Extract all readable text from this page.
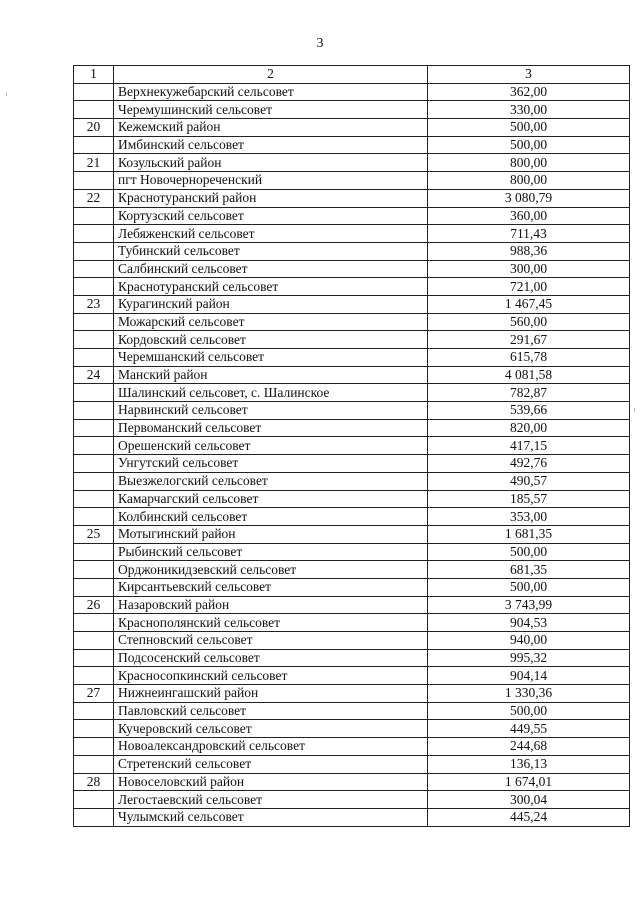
3
1	2	3
	Верхнекужебарский сельсовет	362,00
	Черемушинский сельсовет	330,00
20	Кежемский район	500,00
	Имбинский сельсовет	500,00
21	Козульский район	800,00
	пгт Новочернореченский	800,00
22	Краснотуранский район	3 080,79
	Кортузский сельсовет	360,00
	Лебяженский сельсовет	711,43
	Тубинский сельсовет	988,36
	Салбинский сельсовет	300,00
	Краснотуранский сельсовет	721,00
23	Курагинский район	1 467,45
	Можарский сельсовет	560,00
	Кордовский сельсовет	291,67
	Черемшанский сельсовет	615,78
24	Манский район	4 081,58
	Шалинский сельсовет, с. Шалинское	782,87
	Нарвинский сельсовет	539,66
	Первоманский сельсовет	820,00
	Орешенский сельсовет	417,15
	Унгутский сельсовет	492,76
	Выезжелогский сельсовет	490,57
	Камарчагский сельсовет	185,57
	Колбинский сельсовет	353,00
25	Мотыгинский район	1 681,35
	Рыбинский сельсовет	500,00
	Орджоникидзевский сельсовет	681,35
	Кирсантьевский сельсовет	500,00
26	Назаровский район	3 743,99
	Краснополянский сельсовет	904,53
	Степновский сельсовет	940,00
	Подсосенский сельсовет	995,32
	Красносопкинский сельсовет	904,14
27	Нижнеингашский район	1 330,36
	Павловский сельсовет	500,00
	Кучеровский сельсовет	449,55
	Новоалександровский сельсовет	244,68
	Стретенский сельсовет	136,13
28	Новоселовский район	1 674,01
	Легостаевский сельсовет	300,04
	Чулымский сельсовет	445,24
